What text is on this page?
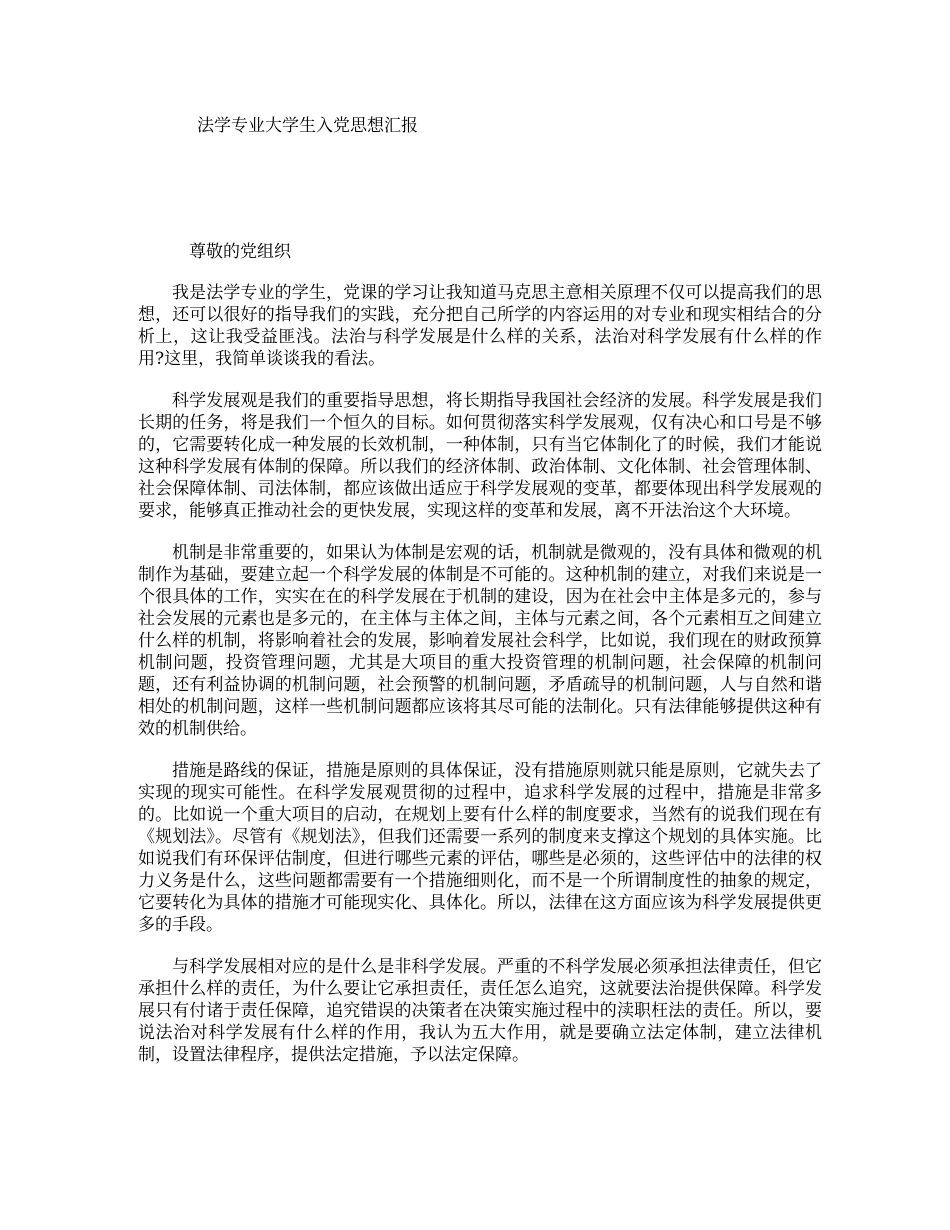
法学专业大学生入党思想汇报
尊敬的党组织

我是法学专业的学生，党课的学习让我知道马克思主意相关原理不仅可以提高我们的思想，还可以很好的指导我们的实践，充分把自己所学的内容运用的对专业和现实相结合的分析上，这让我受益匪浅。法治与科学发展是什么样的关系，法治对科学发展有什么样的作用?这里，我简单谈谈我的看法。

科学发展观是我们的重要指导思想，将长期指导我国社会经济的发展。科学发展是我们长期的任务，将是我们一个恒久的目标。如何贯彻落实科学发展观，仅有决心和口号是不够的，它需要转化成一种发展的长效机制，一种体制，只有当它体制化了的时候，我们才能说这种科学发展有体制的保障。所以我们的经济体制、政治体制、文化体制、社会管理体制、社会保障体制、司法体制，都应该做出适应于科学发展观的变革，都要体现出科学发展观的要求，能够真正推动社会的更快发展，实现这样的变革和发展，离不开法治这个大环境。

机制是非常重要的，如果认为体制是宏观的话，机制就是微观的，没有具体和微观的机制作为基础，要建立起一个科学发展的体制是不可能的。这种机制的建立，对我们来说是一个很具体的工作，实实在在的科学发展在于机制的建设，因为在社会中主体是多元的，参与社会发展的元素也是多元的，在主体与主体之间，主体与元素之间，各个元素相互之间建立什么样的机制，将影响着社会的发展，影响着发展社会科学，比如说，我们现在的财政预算机制问题，投资管理问题，尤其是大项目的重大投资管理的机制问题，社会保障的机制问题，还有利益协调的机制问题，社会预警的机制问题，矛盾疏导的机制问题，人与自然和谐相处的机制问题，这样一些机制问题都应该将其尽可能的法制化。只有法律能够提供这种有效的机制供给。

措施是路线的保证，措施是原则的具体保证，没有措施原则就只能是原则，它就失去了实现的现实可能性。在科学发展观贯彻的过程中，追求科学发展的过程中，措施是非常多的。比如说一个重大项目的启动，在规划上要有什么样的制度要求，当然有的说我们现在有《规划法》。尽管有《规划法》，但我们还需要一系列的制度来支撑这个规划的具体实施。比如说我们有环保评估制度，但进行哪些元素的评估，哪些是必须的，这些评估中的法律的权力义务是什么，这些问题都需要有一个措施细则化，而不是一个所谓制度性的抽象的规定，它要转化为具体的措施才可能现实化、具体化。所以，法律在这方面应该为科学发展提供更多的手段。

与科学发展相对应的是什么是非科学发展。严重的不科学发展必须承担法律责任，但它承担什么样的责任，为什么要让它承担责任，责任怎么追究，这就要法治提供保障。科学发展只有付诸于责任保障，追究错误的决策者在决策实施过程中的渎职枉法的责任。所以，要说法治对科学发展有什么样的作用，我认为五大作用，就是要确立法定体制，建立法律机制，设置法律程序，提供法定措施，予以法定保障。
